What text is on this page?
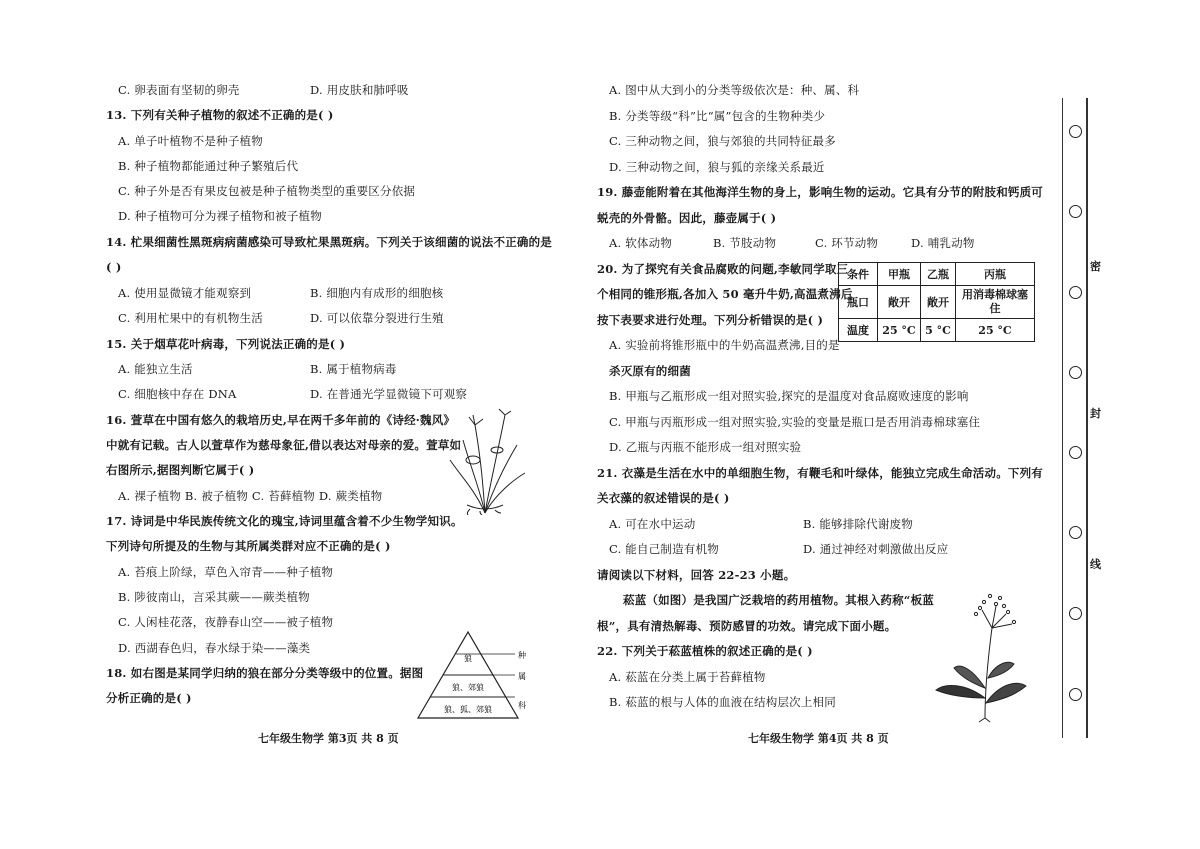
C. 卵表面有坚韧的卵壳	D. 用皮肤和肺呼吸
13. 下列有关种子植物的叙述不正确的是( )
A. 单子叶植物不是种子植物
B. 种子植物都能通过种子繁殖后代
C. 种子外是否有果皮包被是种子植物类型的重要区分依据
D. 种子植物可分为裸子植物和被子植物
14. 杧果细菌性黑斑病病菌感染可导致杧果黑斑病。下列关于该细菌的说法不正确的是
( )
A. 使用显微镜才能观察到	B. 细胞内有成形的细胞核
C. 利用杧果中的有机物生活	D. 可以依靠分裂进行生殖
15. 关于烟草花叶病毒，下列说法正确的是( )
A. 能独立生活	B. 属于植物病毒
C. 细胞核中存在 DNA	D. 在普通光学显微镜下可观察
16. 萱草在中国有悠久的栽培历史,早在两千多年前的《诗经·魏风》
中就有记载。古人以萱草作为慈母象征,借以表达对母亲的爱。萱草如
右图所示,据图判断它属于( )
A. 裸子植物 B. 被子植物 C. 苔藓植物 D. 蕨类植物
17. 诗词是中华民族传统文化的瑰宝,诗词里蕴含着不少生物学知识。
下列诗句所提及的生物与其所属类群对应不正确的是( )
A. 苔痕上阶绿，草色入帘青——种子植物
B. 陟彼南山，言采其蕨——蕨类植物
C. 人闲桂花落，夜静春山空——被子植物
D. 西湖春色归，春水绿于染——藻类
18. 如右图是某同学归纳的狼在部分分类等级中的位置。据图
分析正确的是( )
狼
狼、郊狼
狼、狐、郊狼
种
属
科
A. 图中从大到小的分类等级依次是：种、属、科
B. 分类等级“科”比“属”包含的生物种类少
C. 三种动物之间，狼与郊狼的共同特征最多
D. 三种动物之间，狼与狐的亲缘关系最近
19. 藤壶能附着在其他海洋生物的身上，影响生物的运动。它具有分节的附肢和钙质可
蜕壳的外骨骼。因此，藤壶属于( )
A. 软体动物	B. 节肢动物	C. 环节动物	D. 哺乳动物
20. 为了探究有关食品腐败的问题,李敏同学取三
个相同的锥形瓶,各加入 50 毫升牛奶,高温煮沸后
按下表要求进行处理。下列分析错误的是( )
A. 实验前将锥形瓶中的牛奶高温煮沸,目的是
杀灭原有的细菌
B. 甲瓶与乙瓶形成一组对照实验,探究的是温度对食品腐败速度的影响
C. 甲瓶与丙瓶形成一组对照实验,实验的变量是瓶口是否用消毒棉球塞住
D. 乙瓶与丙瓶不能形成一组对照实验
21. 衣藻是生活在水中的单细胞生物，有鞭毛和叶绿体，能独立完成生命活动。下列有
关衣藻的叙述错误的是( )
A. 可在水中运动	B. 能够排除代谢废物
C. 能自己制造有机物	D. 通过神经对刺激做出反应
请阅读以下材料，回答 22-23 小题。
菘蓝（如图）是我国广泛栽培的药用植物。其根入药称“板蓝
根”，具有清热解毒、预防感冒的功效。请完成下面小题。
22. 下列关于菘蓝植株的叙述正确的是( )
A. 菘蓝在分类上属于苔藓植物
B. 菘蓝的根与人体的血液在结构层次上相同
条件	甲瓶	乙瓶	丙瓶
瓶口	敞开	敞开	用消毒棉球塞住
温度	25 °C	5 °C	25 °C
密
封
线
七年级生物学 第3页 共 8 页	七年级生物学 第4页 共 8 页
